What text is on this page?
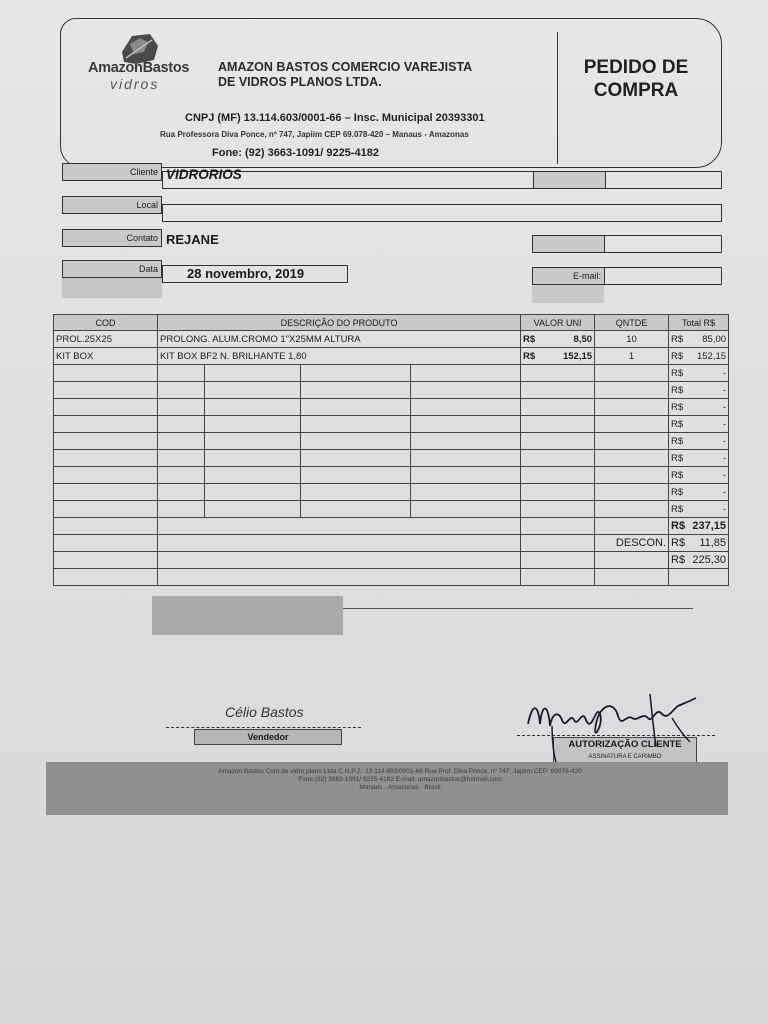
AmazonBastos
vidros
AMAZON BASTOS COMERCIO VAREJISTA
DE VIDROS PLANOS LTDA.
CNPJ (MF) 13.114.603/0001-66 – Insc. Municipal 20393301
Rua Professora Diva Ponce, nº 747, Japiim CEP 69.078-420 – Manaus - Amazonas
Fone: (92) 3663-1091/ 9225-4182
PEDIDO DE
COMPRA
Cliente VIDRORIOS
Local
Contato REJANE
Data	28 novembro, 2019	E-mail:
COD	DESCRIÇÃO DO PRODUTO				VALOR UNI	QNTDE	Total R$
PROL.25X25	PROLONG. ALUM.CROMO 1"X25MM ALTURA				R$ 8,50	10	R$ 85,00

KIT BOX	KIT BOX BF2 N. BRILHANTE 1,80				R$ 152,15	1	R$ 152,15

							R$ -

							R$ -

							R$ -

							R$ -

							R$ -

							R$ -

							R$ -

							R$ -

							R$ -

							R$ 237,15

						DESCON.	R$ 11,85

							R$ 225,30

Célio Bastos
Vendedor
AUTORIZAÇÃO CLIENTE
ASSINATURA E CARIMBO
Amazon Bastos Com de vidro plano Ltda C.N.P.J.: 13.114.603/0001-66 Rua Prof. Diva Ponce, nº 747, Japiim CEP: 69078-420
Fone:(92) 3663-1091/ 9225-4182 E-mail: amazonbastos@hotmail.com
Manaus - Amazonas - Brasil
